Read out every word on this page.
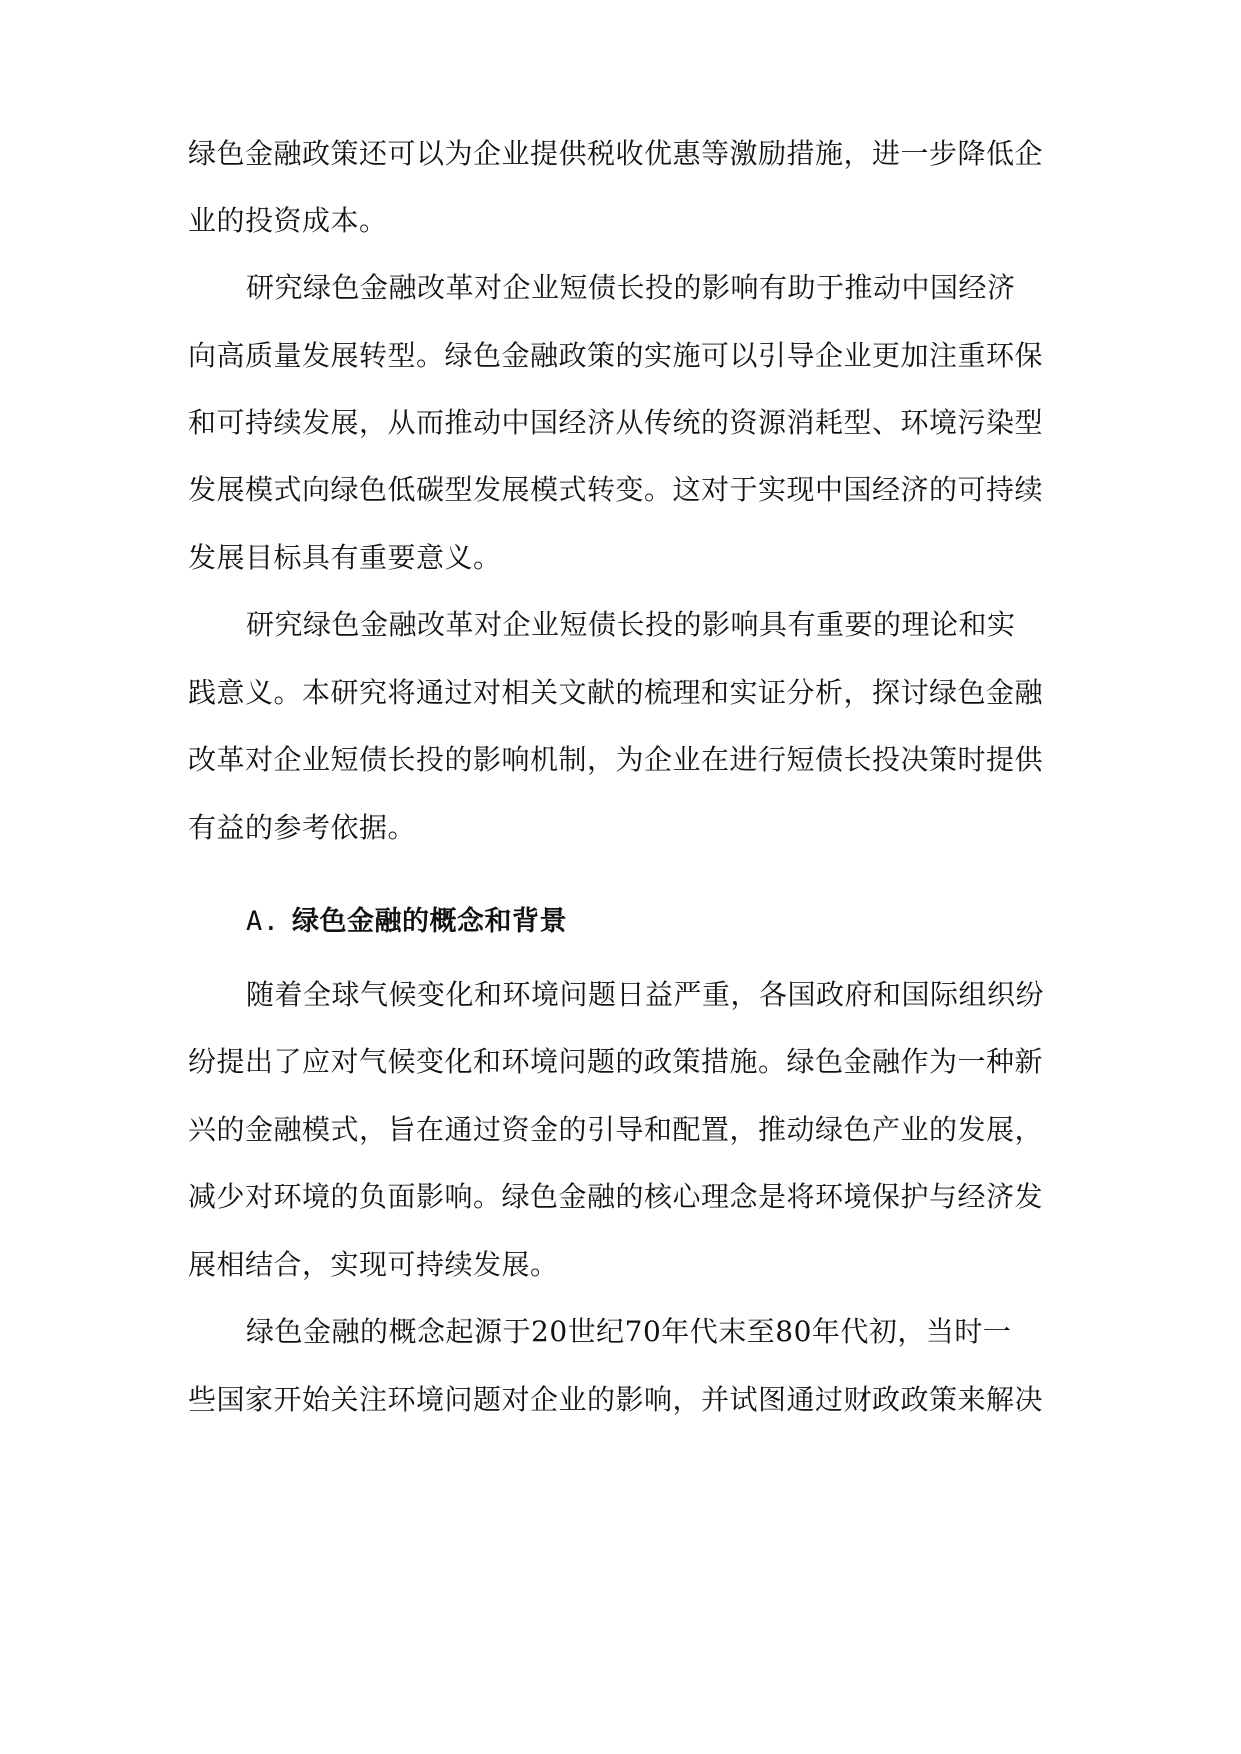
绿色金融政策还可以为企业提供税收优惠等激励措施，进一步降低企
业的投资成本。
研究绿色金融改革对企业短债长投的影响有助于推动中国经济
向高质量发展转型。绿色金融政策的实施可以引导企业更加注重环保
和可持续发展，从而推动中国经济从传统的资源消耗型、环境污染型
发展模式向绿色低碳型发展模式转变。这对于实现中国经济的可持续
发展目标具有重要意义。
研究绿色金融改革对企业短债长投的影响具有重要的理论和实
践意义。本研究将通过对相关文献的梳理和实证分析，探讨绿色金融
改革对企业短债长投的影响机制，为企业在进行短债长投决策时提供
有益的参考依据。
A. 绿色金融的概念和背景
随着全球气候变化和环境问题日益严重，各国政府和国际组织纷
纷提出了应对气候变化和环境问题的政策措施。绿色金融作为一种新
兴的金融模式，旨在通过资金的引导和配置，推动绿色产业的发展，
减少对环境的负面影响。绿色金融的核心理念是将环境保护与经济发
展相结合，实现可持续发展。
绿色金融的概念起源于20世纪70年代末至80年代初，当时一
些国家开始关注环境问题对企业的影响，并试图通过财政政策来解决
